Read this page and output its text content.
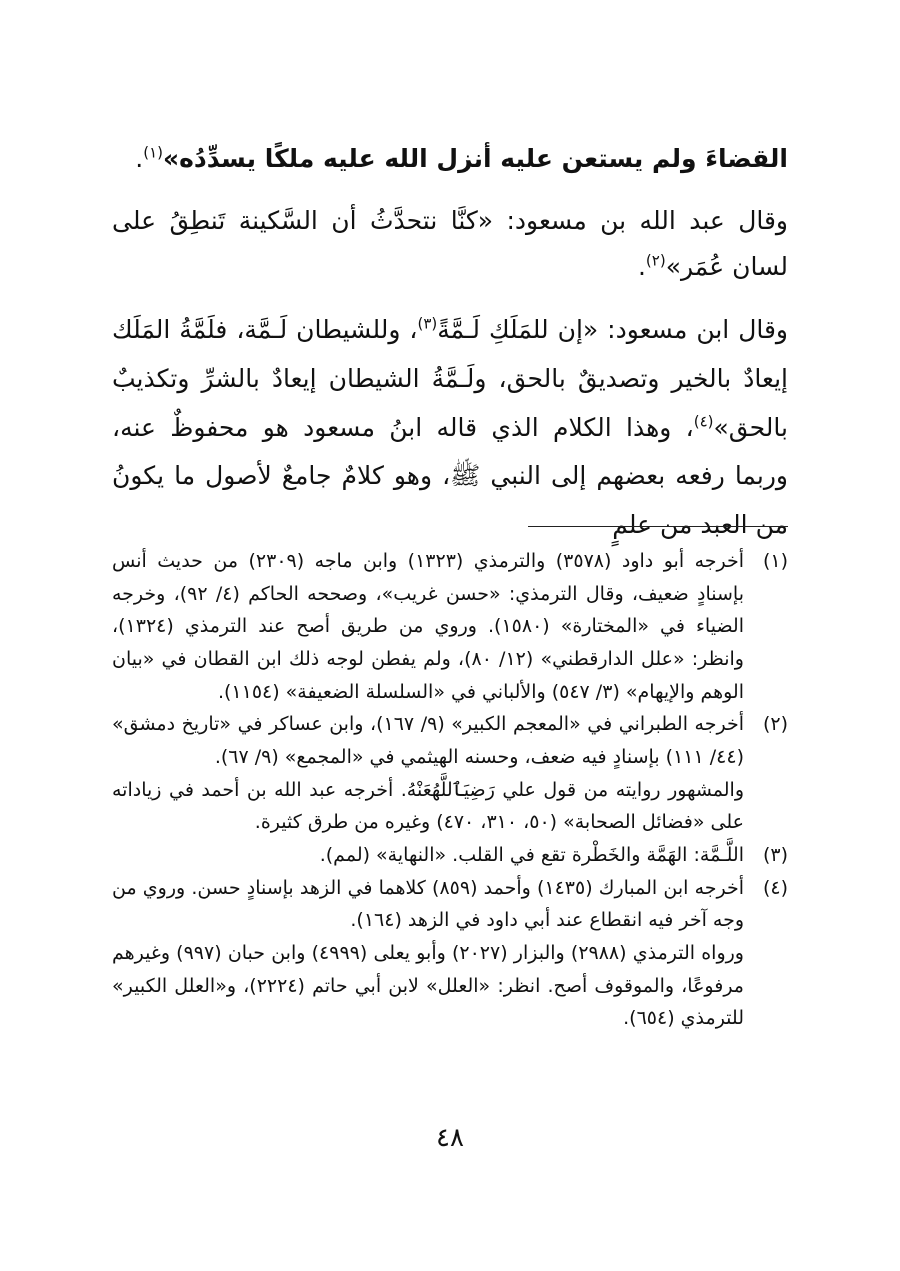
القضاءَ ولم يستعن عليه أنزل الله عليه ملكًا يسدِّدُه»$^{(١)}$.
وقال عبد الله بن مسعود: «كنَّا نتحدَّثُ أن السَّكينة تَنطِقُ على لسان عُمَر»$^{(٢)}$.
وقال ابن مسعود: «إن للمَلَكِ لَـمَّةً$^{(٣)}$، وللشيطان لَـمَّة، فلَمَّةُ المَلَك إيعادٌ بالخير وتصديقٌ بالحق، ولَـمَّةُ الشيطان إيعادٌ بالشرِّ وتكذيبٌ بالحق»$^{(٤)}$، وهذا الكلام الذي قاله ابنُ مسعود هو محفوظٌ عنه، وربما رفعه بعضهم إلى النبي ﷺ، وهو كلامٌ جامعٌ لأصول ما يكونُ من العبد من علمٍ
(١)

أخرجه أبو داود (٣٥٧٨) والترمذي (١٣٢٣) وابن ماجه (٢٣٠٩) من حديث أنس بإسنادٍ ضعيف، وقال الترمذي: «حسن غريب»، وصححه الحاكم (٤/ ٩٢)، وخرجه الضياء في «المختارة» (١٥٨٠). وروي من طريق أصح عند الترمذي (١٣٢٤)، وانظر: «علل الدارقطني» (١٢/ ٨٠)، ولم يفطن لوجه ذلك ابن القطان في «بيان الوهم والإيهام» (٣/ ٥٤٧) والألباني في «السلسلة الضعيفة» (١١٥٤).

(٢)

أخرجه الطبراني في «المعجم الكبير» (٩/ ١٦٧)، وابن عساكر في «تاريخ دمشق» (٤٤/ ١١١) بإسنادٍ فيه ضعف، وحسنه الهيثمي في «المجمع» (٩/ ٦٧).

والمشهور روايته من قول علي رَضِيَٱللَّهُعَنْهُ. أخرجه عبد الله بن أحمد في زياداته على «فضائل الصحابة» (٥٠، ٣١٠، ٤٧٠) وغيره من طرق كثيرة.

(٣)

اللَّـمَّة: الهَمَّة والخَطْرة تقع في القلب. «النهاية» (لمم).

(٤)

أخرجه ابن المبارك (١٤٣٥) وأحمد (٨٥٩) كلاهما في الزهد بإسنادٍ حسن. وروي من وجه آخر فيه انقطاع عند أبي داود في الزهد (١٦٤).

ورواه الترمذي (٢٩٨٨) والبزار (٢٠٢٧) وأبو يعلى (٤٩٩٩) وابن حبان (٩٩٧) وغيرهم مرفوعًا، والموقوف أصح. انظر: «العلل» لابن أبي حاتم (٢٢٢٤)، و«العلل الكبير» للترمذي (٦٥٤).

٤٨
